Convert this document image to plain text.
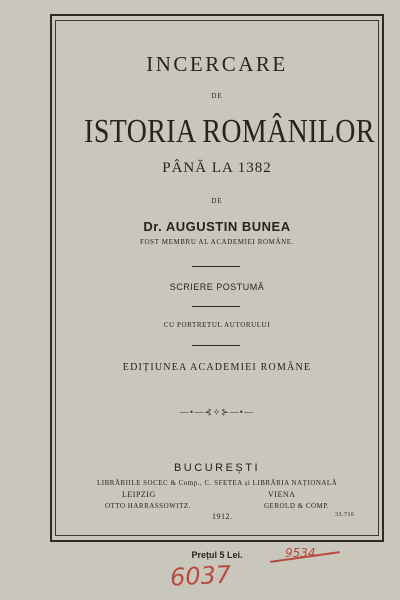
INCERCARE
DE
ISTORIA ROMÂNILOR
PÂNĂ LA 1382
DE
Dr. AUGUSTIN BUNEA
FOST MEMBRU AL ACADEMIEI ROMÂNE.
SCRIERE POSTUMĂ
CU PORTRETUL AUTORULUI
EDIȚIUNEA ACADEMIEI ROMÂNE
—•—⊰✧⊱—•—
BUCUREȘTI
LIBRĂRIILE SOCEC & Comp., C. SFETEA și LIBRĂRIA NAȚIONALĂ
LEIPZIG	VIENA
OTTO HARRASSOWITZ.	GEROLD & COMP.
1912.	33.716
Prețul 5 Lei.	9534
6037
